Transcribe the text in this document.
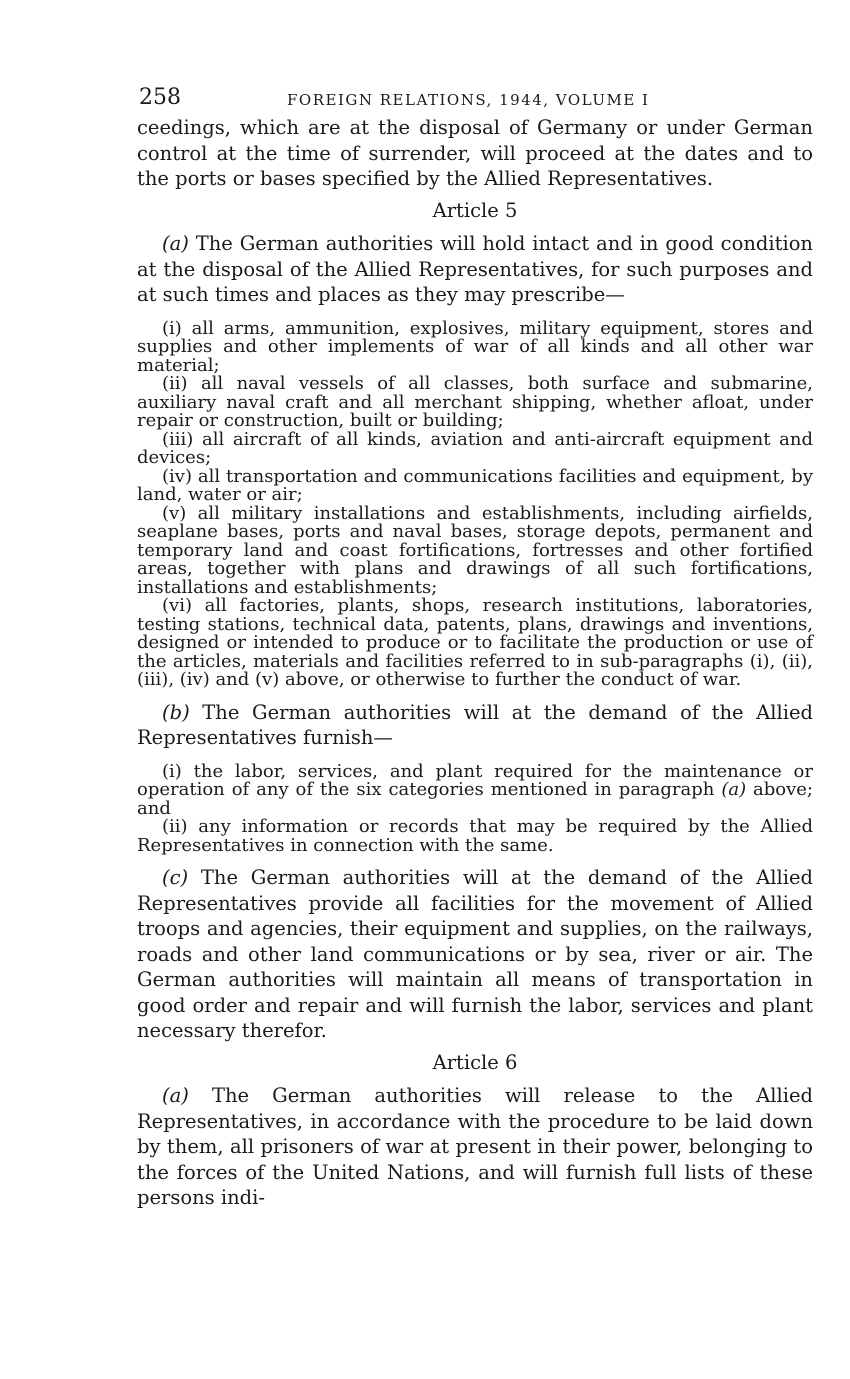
258	FOREIGN RELATIONS, 1944, VOLUME I

ceedings, which are at the disposal of Germany or under German control at the time of surrender, will proceed at the dates and to the ports or bases specified by the Allied Representatives.

Article 5

(a) The German authorities will hold intact and in good condition at the disposal of the Allied Representatives, for such purposes and at such times and places as they may prescribe—

(i) all arms, ammunition, explosives, military equipment, stores and supplies and other implements of war of all kinds and all other war material;

(ii) all naval vessels of all classes, both surface and submarine, auxiliary naval craft and all merchant shipping, whether afloat, under repair or construction, built or building;

(iii) all aircraft of all kinds, aviation and anti-aircraft equipment and devices;

(iv) all transportation and communications facilities and equipment, by land, water or air;

(v) all military installations and establishments, including airfields, seaplane bases, ports and naval bases, storage depots, permanent and temporary land and coast fortifications, fortresses and other fortified areas, together with plans and drawings of all such fortifications, installations and establishments;

(vi) all factories, plants, shops, research institutions, laboratories, testing stations, technical data, patents, plans, drawings and inventions, designed or intended to produce or to facilitate the production or use of the articles, materials and facilities referred to in sub-paragraphs (i), (ii), (iii), (iv) and (v) above, or otherwise to further the conduct of war.

(b) The German authorities will at the demand of the Allied Representatives furnish—

(i) the labor, services, and plant required for the maintenance or operation of any of the six categories mentioned in paragraph (a) above; and

(ii) any information or records that may be required by the Allied Representatives in connection with the same.

(c) The German authorities will at the demand of the Allied Representatives provide all facilities for the movement of Allied troops and agencies, their equipment and supplies, on the railways, roads and other land communications or by sea, river or air. The German authorities will maintain all means of transportation in good order and repair and will furnish the labor, services and plant necessary therefor.

Article 6

(a) The German authorities will release to the Allied Representatives, in accordance with the procedure to be laid down by them, all prisoners of war at present in their power, belonging to the forces of the United Nations, and will furnish full lists of these persons indi-
